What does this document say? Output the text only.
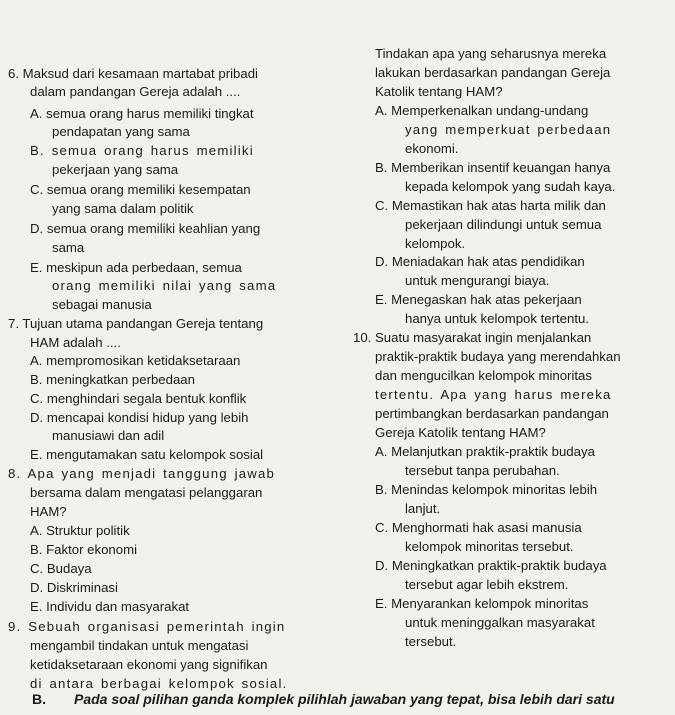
6. Maksud dari kesamaan martabat pribadi
dalam pandangan Gereja adalah ....
A. semua orang harus memiliki tingkat
pendapatan yang sama
B. semua orang harus memiliki
pekerjaan yang sama
C. semua orang memiliki kesempatan
yang sama dalam politik
D. semua orang memiliki keahlian yang
sama
E. meskipun ada perbedaan, semua
orang memiliki nilai yang sama
sebagai manusia
7. Tujuan utama pandangan Gereja tentang
HAM adalah ....
A. mempromosikan ketidaksetaraan
B. meningkatkan perbedaan
C. menghindari segala bentuk konflik
D. mencapai kondisi hidup yang lebih
manusiawi dan adil
E. mengutamakan satu kelompok sosial
8. Apa yang menjadi tanggung jawab
bersama dalam mengatasi pelanggaran
HAM?
A. Struktur politik
B. Faktor ekonomi
C. Budaya
D. Diskriminasi
E. Individu dan masyarakat
9. Sebuah organisasi pemerintah ingin
mengambil tindakan untuk mengatasi
ketidaksetaraan ekonomi yang signifikan
di antara berbagai kelompok sosial.
Tindakan apa yang seharusnya mereka
lakukan berdasarkan pandangan Gereja
Katolik tentang HAM?
A. Memperkenalkan undang-undang
yang memperkuat perbedaan
ekonomi.
B. Memberikan insentif keuangan hanya
kepada kelompok yang sudah kaya.
C. Memastikan hak atas harta milik dan
pekerjaan dilindungi untuk semua
kelompok.
D. Meniadakan hak atas pendidikan
untuk mengurangi biaya.
E. Menegaskan hak atas pekerjaan
hanya untuk kelompok tertentu.
10. Suatu masyarakat ingin menjalankan
praktik-praktik budaya yang merendahkan
dan mengucilkan kelompok minoritas
tertentu. Apa yang harus mereka
pertimbangkan berdasarkan pandangan
Gereja Katolik tentang HAM?
A. Melanjutkan praktik-praktik budaya
tersebut tanpa perubahan.
B. Menindas kelompok minoritas lebih
lanjut.
C. Menghormati hak asasi manusia
kelompok minoritas tersebut.
D. Meningkatkan praktik-praktik budaya
tersebut agar lebih ekstrem.
E. Menyarankan kelompok minoritas
untuk meninggalkan masyarakat
tersebut.
B. Pada soal pilihan ganda komplek pilihlah jawaban yang tepat, bisa lebih dari satu
